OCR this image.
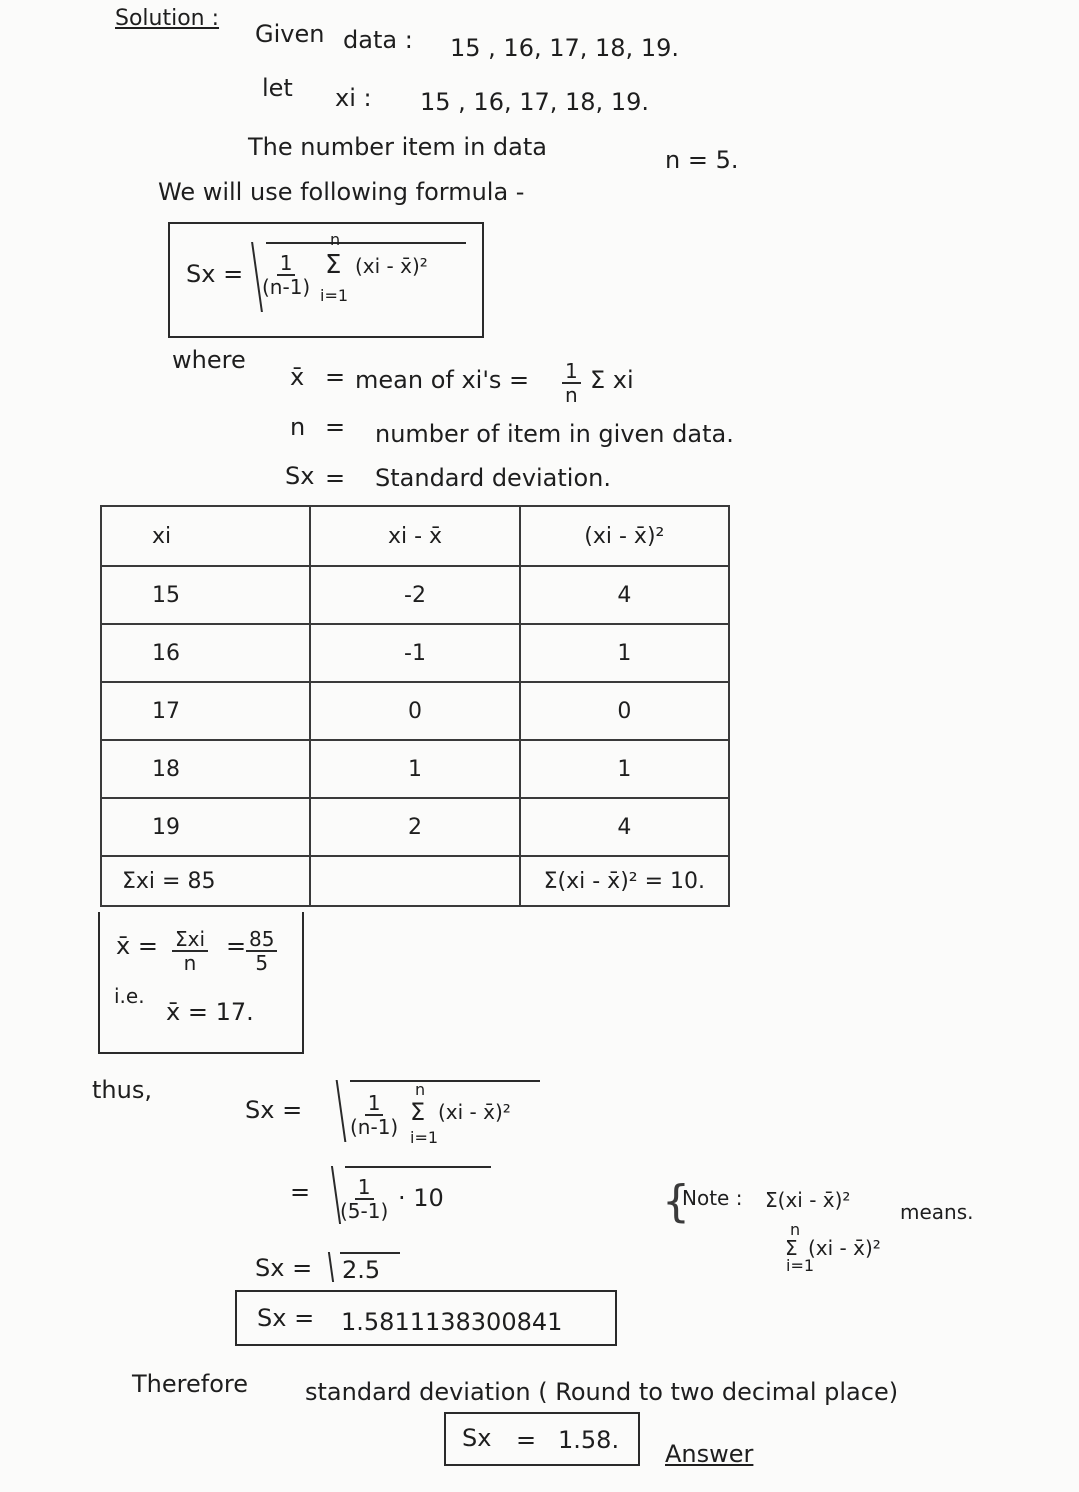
Solution :
Given data : 15 , 16, 17, 18, 19.
let xi : 15 , 16, 17, 18, 19.
The number item in data	n = 5.
We will use following formula -
$Sx = \frac{1}{(n-1)}$
n
Σ
i=1
(xi - x̄)²
where
x̄ = mean of $xi's = \frac{1}{n}$ Σ xi
n = number of item in given data.
Sx = Standard deviation.
xi	xi - x̄	(xi - x̄)²
15	-2	4
16	-1	1
17	0	0
18	1	1
19	2	4
Σxi = 85		Σ(xi - x̄)² = 10.
x̄ = Σxi
n
= $\frac{85}{5}$
i.e.
x̄ = 17.
thus,
$Sx = \frac{1}{(n-1)}$
n
Σ
i=1
(xi - x̄)²
= $\frac{1}{(5-1)} \cdot 10$
Sx = 2.5
Sx = 1.5811138300841
{
Note : Σ(xi - x̄)² means.
n
Σ
i=1
(xi - x̄)²
Therefore standard deviation ( Round to two decimal place)
Sx = 1.58. Answer
